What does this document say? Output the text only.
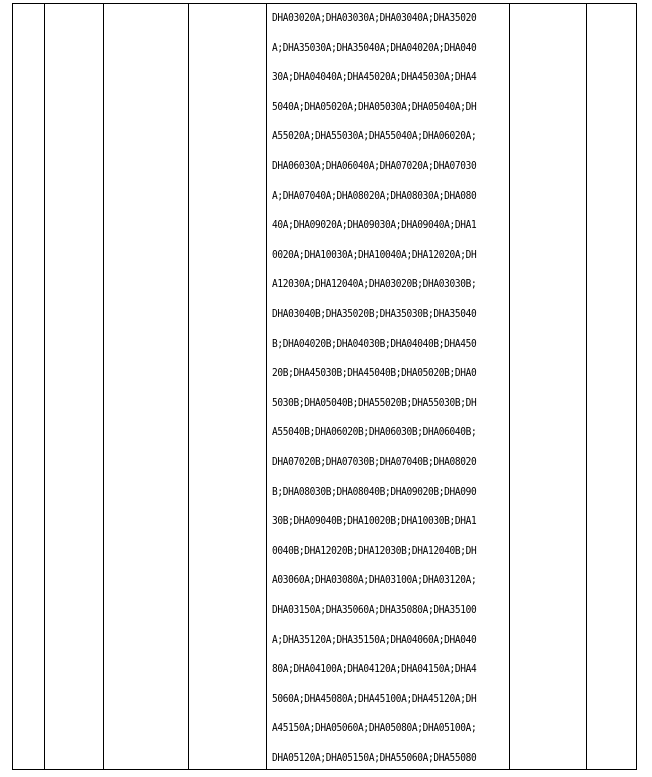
DHA03020A;DHA03030A;DHA03040A;DHA35020
A;DHA35030A;DHA35040A;DHA04020A;DHA040
30A;DHA04040A;DHA45020A;DHA45030A;DHA4
5040A;DHA05020A;DHA05030A;DHA05040A;DH
A55020A;DHA55030A;DHA55040A;DHA06020A;
DHA06030A;DHA06040A;DHA07020A;DHA07030
A;DHA07040A;DHA08020A;DHA08030A;DHA080
40A;DHA09020A;DHA09030A;DHA09040A;DHA1
0020A;DHA10030A;DHA10040A;DHA12020A;DH
A12030A;DHA12040A;DHA03020B;DHA03030B;
DHA03040B;DHA35020B;DHA35030B;DHA35040
B;DHA04020B;DHA04030B;DHA04040B;DHA450
20B;DHA45030B;DHA45040B;DHA05020B;DHA0
5030B;DHA05040B;DHA55020B;DHA55030B;DH
A55040B;DHA06020B;DHA06030B;DHA06040B;
DHA07020B;DHA07030B;DHA07040B;DHA08020
B;DHA08030B;DHA08040B;DHA09020B;DHA090
30B;DHA09040B;DHA10020B;DHA10030B;DHA1
0040B;DHA12020B;DHA12030B;DHA12040B;DH
A03060A;DHA03080A;DHA03100A;DHA03120A;
DHA03150A;DHA35060A;DHA35080A;DHA35100
A;DHA35120A;DHA35150A;DHA04060A;DHA040
80A;DHA04100A;DHA04120A;DHA04150A;DHA4
5060A;DHA45080A;DHA45100A;DHA45120A;DH
A45150A;DHA05060A;DHA05080A;DHA05100A;
DHA05120A;DHA05150A;DHA55060A;DHA55080
